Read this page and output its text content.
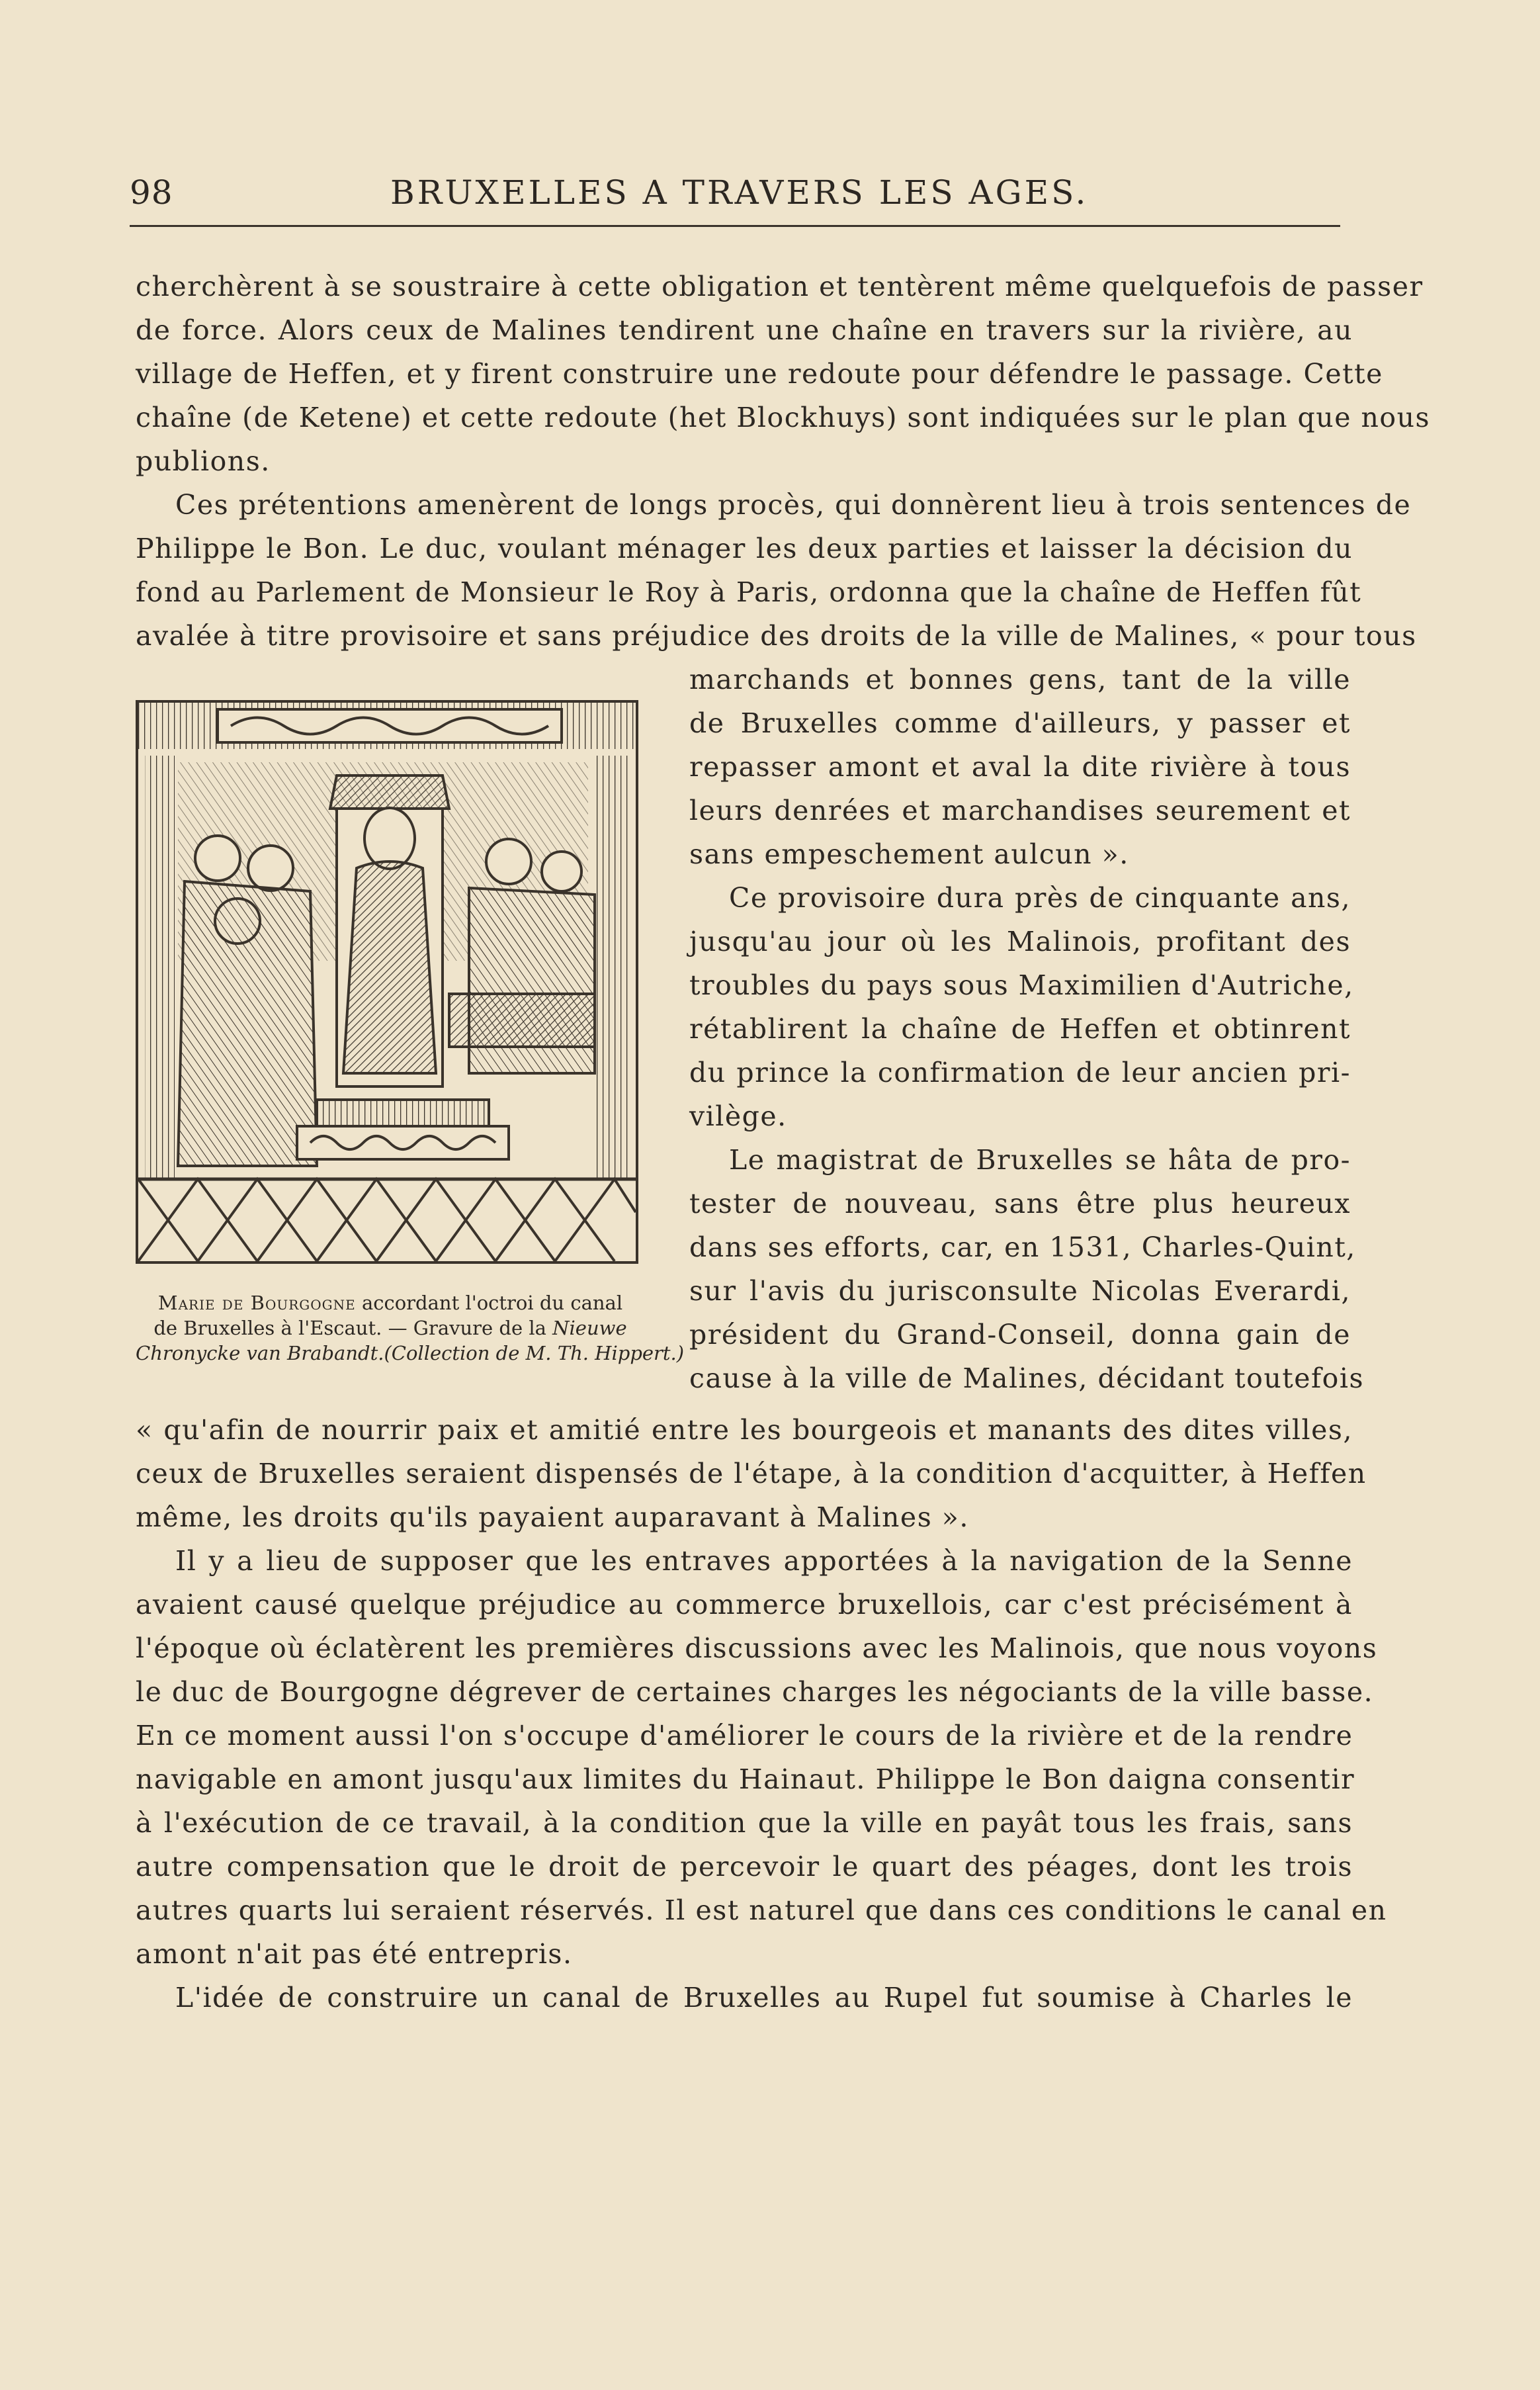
98	BRUXELLES A TRAVERS LES AGES.

cherchèrent à se soustraire à cette obligation et tentèrent même quelquefois de passer

de force. Alors ceux de Malines tendirent une chaîne en travers sur la rivière, au

village de Heffen, et y firent construire une redoute pour défendre le passage. Cette

chaîne (de Ketene) et cette redoute (het Blockhuys) sont indiquées sur le plan que nous

publions.

Ces prétentions amenèrent de longs procès, qui donnèrent lieu à trois sentences de

Philippe le Bon. Le duc, voulant ménager les deux parties et laisser la décision du

fond au Parlement de Monsieur le Roy à Paris, ordonna que la chaîne de Heffen fût

avalée à titre provisoire et sans préjudice des droits de la ville de Malines, « pour tous

Marie de Bourgogne accordant l'octroi du canal
de Bruxelles à l'Escaut. — Gravure de la Nieuwe
Chronycke van Brabandt.(Collection de M. Th. Hippert.)

marchands et bonnes gens, tant de la ville

de Bruxelles comme d'ailleurs, y passer et

repasser amont et aval la dite rivière à tous

leurs denrées et marchandises seurement et

sans empeschement aulcun ».

Ce provisoire dura près de cinquante ans,

jusqu'au jour où les Malinois, profitant des

troubles du pays sous Maximilien d'Autriche,

rétablirent la chaîne de Heffen et obtinrent

du prince la confirmation de leur ancien pri-

vilège.

Le magistrat de Bruxelles se hâta de pro-

tester de nouveau, sans être plus heureux

dans ses efforts, car, en 1531, Charles-Quint,

sur l'avis du jurisconsulte Nicolas Everardi,

président du Grand-Conseil, donna gain de

cause à la ville de Malines, décidant toutefois

« qu'afin de nourrir paix et amitié entre les bourgeois et manants des dites villes,

ceux de Bruxelles seraient dispensés de l'étape, à la condition d'acquitter, à Heffen

même, les droits qu'ils payaient auparavant à Malines ».

Il y a lieu de supposer que les entraves apportées à la navigation de la Senne

avaient causé quelque préjudice au commerce bruxellois, car c'est précisément à

l'époque où éclatèrent les premières discussions avec les Malinois, que nous voyons

le duc de Bourgogne dégrever de certaines charges les négociants de la ville basse.

En ce moment aussi l'on s'occupe d'améliorer le cours de la rivière et de la rendre

navigable en amont jusqu'aux limites du Hainaut. Philippe le Bon daigna consentir

à l'exécution de ce travail, à la condition que la ville en payât tous les frais, sans

autre compensation que le droit de percevoir le quart des péages, dont les trois

autres quarts lui seraient réservés. Il est naturel que dans ces conditions le canal en

amont n'ait pas été entrepris.

L'idée de construire un canal de Bruxelles au Rupel fut soumise à Charles le
